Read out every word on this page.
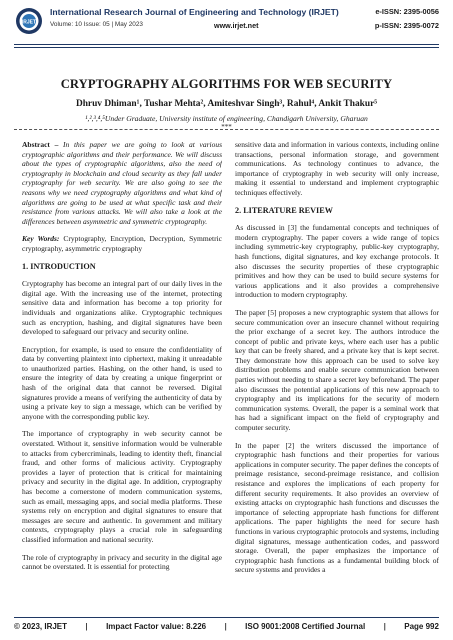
IRJET
International Research Journal of Engineering and Technology (IRJET)	e-ISSN: 2395-0056
Volume: 10 Issue: 05 | May 2023	www.irjet.net	p-ISSN: 2395-0072
CRYPTOGRAPHY ALGORITHMS FOR WEB SECURITY
Dhruv Dhiman¹, Tushar Mehta², Amiteshvar Singh³, Rahul⁴, Ankit Thakur⁵
¹,²,³,⁴,⁵Under Graduate, University institute of engineering, Chandigarh University, Gharuan
***

Abstract – In this paper we are going to look at various cryptographic algorithms and their performance. We will discuss about the types of cryptographic algorithms, also the need of cryptography in blockchain and cloud security as they fall under cryptography for web security. We are also going to see the reasons why we need cryptography algorithms and what kind of algorithms are going to be used at what specific task and their resistance from various attacks. We will also take a look at the differences between asymmetric and symmetric cryptography.

Key Words: Cryptography, Encryption, Decryption, Symmetric cryptography, asymmetric cryptography

1. INTRODUCTION

Cryptography has become an integral part of our daily lives in the digital age. With the increasing use of the internet, protecting sensitive data and information has become a top priority for individuals and organizations alike. Cryptographic techniques such as encryption, hashing, and digital signatures have been developed to safeguard our privacy and security online.

Encryption, for example, is used to ensure the confidentiality of data by converting plaintext into ciphertext, making it unreadable to unauthorized parties. Hashing, on the other hand, is used to ensure the integrity of data by creating a unique fingerprint or hash of the original data that cannot be reversed. Digital signatures provide a means of verifying the authenticity of data by using a private key to sign a message, which can be verified by anyone with the corresponding public key.

The importance of cryptography in web security cannot be overstated. Without it, sensitive information would be vulnerable to attacks from cybercriminals, leading to identity theft, financial fraud, and other forms of malicious activity. Cryptography provides a layer of protection that is critical for maintaining privacy and security in the digital age. In addition, cryptography has become a cornerstone of modern communication systems, such as email, messaging apps, and social media platforms. These systems rely on encryption and digital signatures to ensure that messages are secure and authentic. In government and military contexts, cryptography plays a crucial role in safeguarding classified information and national security.

The role of cryptography in privacy and security in the digital age cannot be overstated. It is essential for protecting

sensitive data and information in various contexts, including online transactions, personal information storage, and government communications. As technology continues to advance, the importance of cryptography in web security will only increase, making it essential to understand and implement cryptographic techniques effectively.

2. LITERATURE REVIEW

As discussed in [3] the fundamental concepts and techniques of modern cryptography. The paper covers a wide range of topics including symmetric-key cryptography, public-key cryptography, hash functions, digital signatures, and key exchange protocols. It also discusses the security properties of these cryptographic primitives and how they can be used to build secure systems for various applications and it also provides a comprehensive introduction to modern cryptography.

The paper [5] proposes a new cryptographic system that allows for secure communication over an insecure channel without requiring the prior exchange of a secret key. The authors introduce the concept of public and private keys, where each user has a public key that can be freely shared, and a private key that is kept secret. They demonstrate how this approach can be used to solve key distribution problems and enable secure communication between parties without needing to share a secret key beforehand. The paper also discusses the potential applications of this new approach to cryptography and its implications for the security of modern communication systems. Overall, the paper is a seminal work that has had a significant impact on the field of cryptography and computer security.

In the paper [2] the writers discussed the importance of cryptographic hash functions and their properties for various applications in computer security. The paper defines the concepts of preimage resistance, second-preimage resistance, and collision resistance and explores the implications of each property for different security requirements. It also provides an overview of existing attacks on cryptographic hash functions and discusses the importance of selecting appropriate hash functions for different applications. The paper highlights the need for secure hash functions in various cryptographic protocols and systems, including digital signatures, message authentication codes, and password storage. Overall, the paper emphasizes the importance of cryptographic hash functions as a fundamental building block of secure systems and provides a

© 2023, IRJET | Impact Factor value: 8.226 | ISO 9001:2008 Certified Journal | Page 992
